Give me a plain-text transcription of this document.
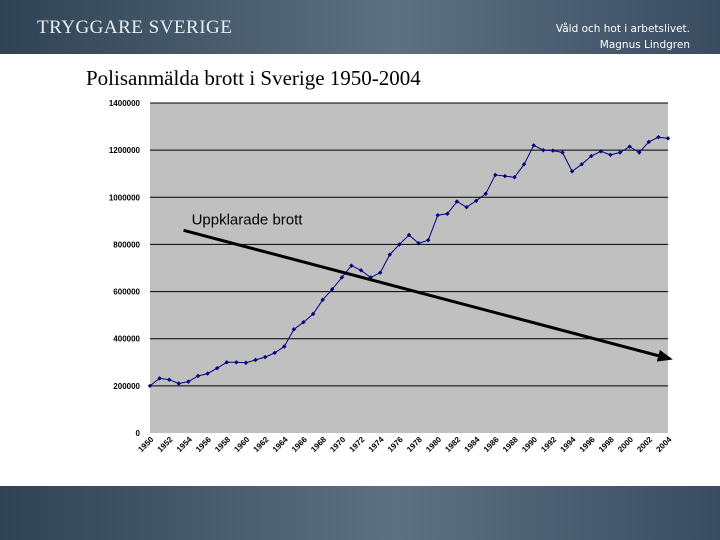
TRYGGARE SVERIGE	Våld och hot i arbetslivet.
Magnus Lindgren
Polisanmälda brott i Sverige 1950-2004
0
200000
400000
600000
800000
1000000
1200000
1400000
1950 1952 1954 1956 1958 1960 1962 1964 1966 1968 1970 1972 1974 1976 1978 1980 1982 1984 1986 1988 1990 1992 1994 1996 1998 2000 2002 2004
Uppklarade brott
